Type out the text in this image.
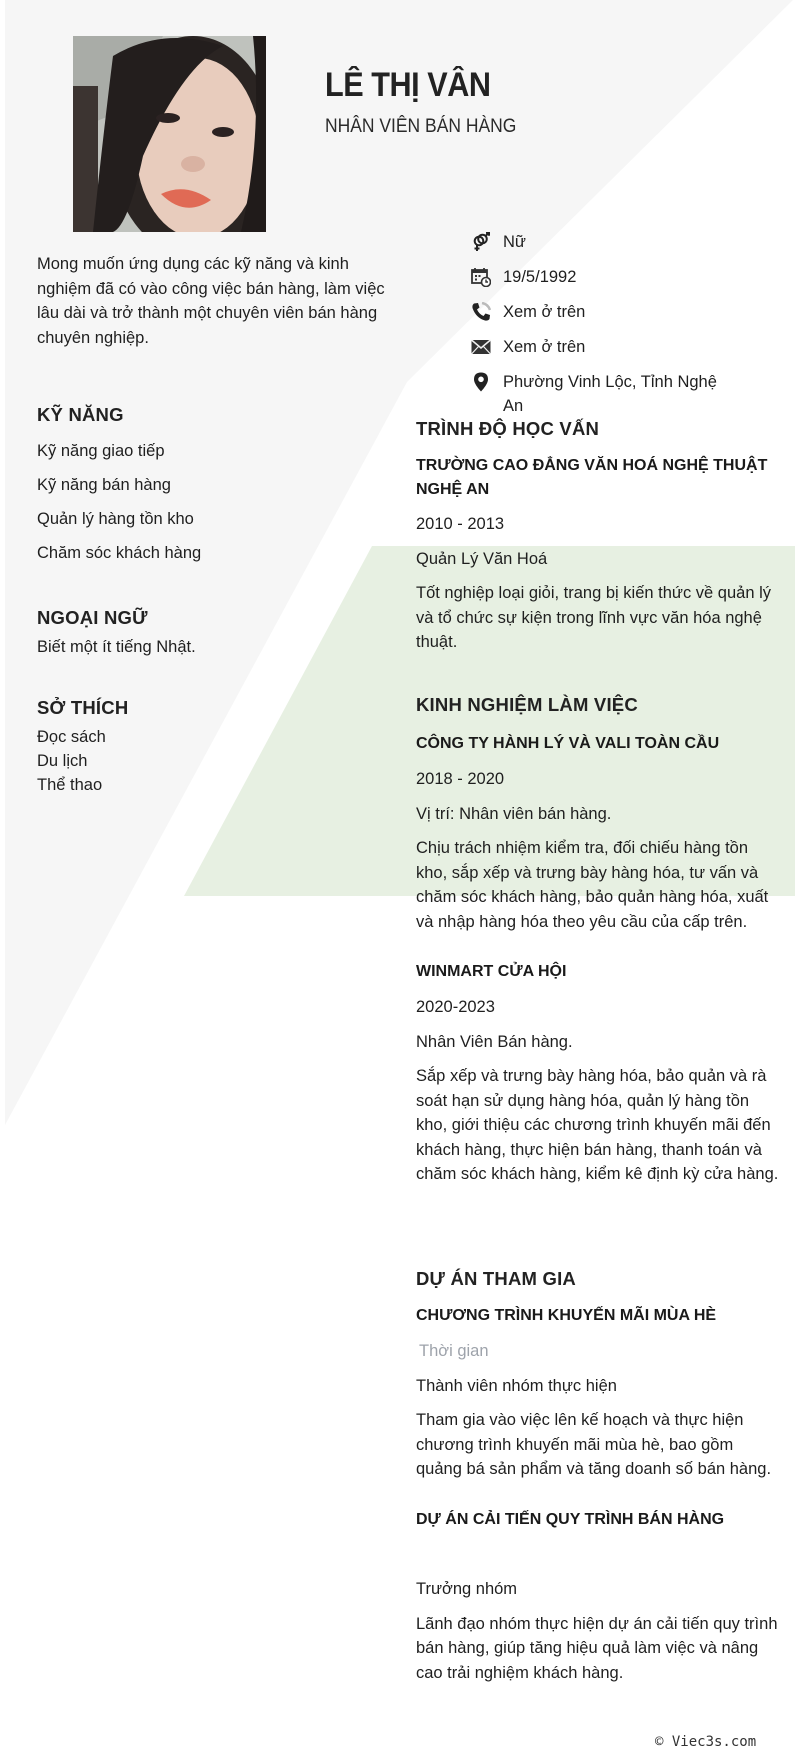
LÊ THỊ VÂN
NHÂN VIÊN BÁN HÀNG
Nữ
19/5/1992
Xem ở trên
Xem ở trên
Phường Vinh Lộc, Tỉnh Nghệ An
Mong muốn ứng dụng các kỹ năng và kinh nghiệm đã có vào công việc bán hàng, làm việc lâu dài và trở thành một chuyên viên bán hàng chuyên nghiệp.
KỸ NĂNG
Kỹ năng giao tiếp
Kỹ năng bán hàng
Quản lý hàng tồn kho
Chăm sóc khách hàng
NGOẠI NGỮ
Biết một ít tiếng Nhật.
SỞ THÍCH
Đọc sách
Du lịch
Thể thao
TRÌNH ĐỘ HỌC VẤN
TRƯỜNG CAO ĐẲNG VĂN HOÁ NGHỆ THUẬT NGHỆ AN
2010 - 2013
Quản Lý Văn Hoá
Tốt nghiệp loại giỏi, trang bị kiến thức về quản lý và tổ chức sự kiện trong lĩnh vực văn hóa nghệ thuật.
KINH NGHIỆM LÀM VIỆC
CÔNG TY HÀNH LÝ VÀ VALI TOÀN CẦU
2018 - 2020
Vị trí: Nhân viên bán hàng.
Chịu trách nhiệm kiểm tra, đối chiếu hàng tồn kho, sắp xếp và trưng bày hàng hóa, tư vấn và chăm sóc khách hàng, bảo quản hàng hóa, xuất và nhập hàng hóa theo yêu cầu của cấp trên.
WINMART CỬA HỘI
2020-2023
Nhân Viên Bán hàng.
Sắp xếp và trưng bày hàng hóa, bảo quản và rà soát hạn sử dụng hàng hóa, quản lý hàng tồn kho, giới thiệu các chương trình khuyến mãi đến khách hàng, thực hiện bán hàng, thanh toán và chăm sóc khách hàng, kiểm kê định kỳ cửa hàng.
DỰ ÁN THAM GIA
CHƯƠNG TRÌNH KHUYẾN MÃI MÙA HÈ
Thời gian
Thành viên nhóm thực hiện
Tham gia vào việc lên kế hoạch và thực hiện chương trình khuyến mãi mùa hè, bao gồm quảng bá sản phẩm và tăng doanh số bán hàng.
DỰ ÁN CẢI TIẾN QUY TRÌNH BÁN HÀNG
Trưởng nhóm
Lãnh đạo nhóm thực hiện dự án cải tiến quy trình bán hàng, giúp tăng hiệu quả làm việc và nâng cao trải nghiệm khách hàng.
© Viec3s.com
